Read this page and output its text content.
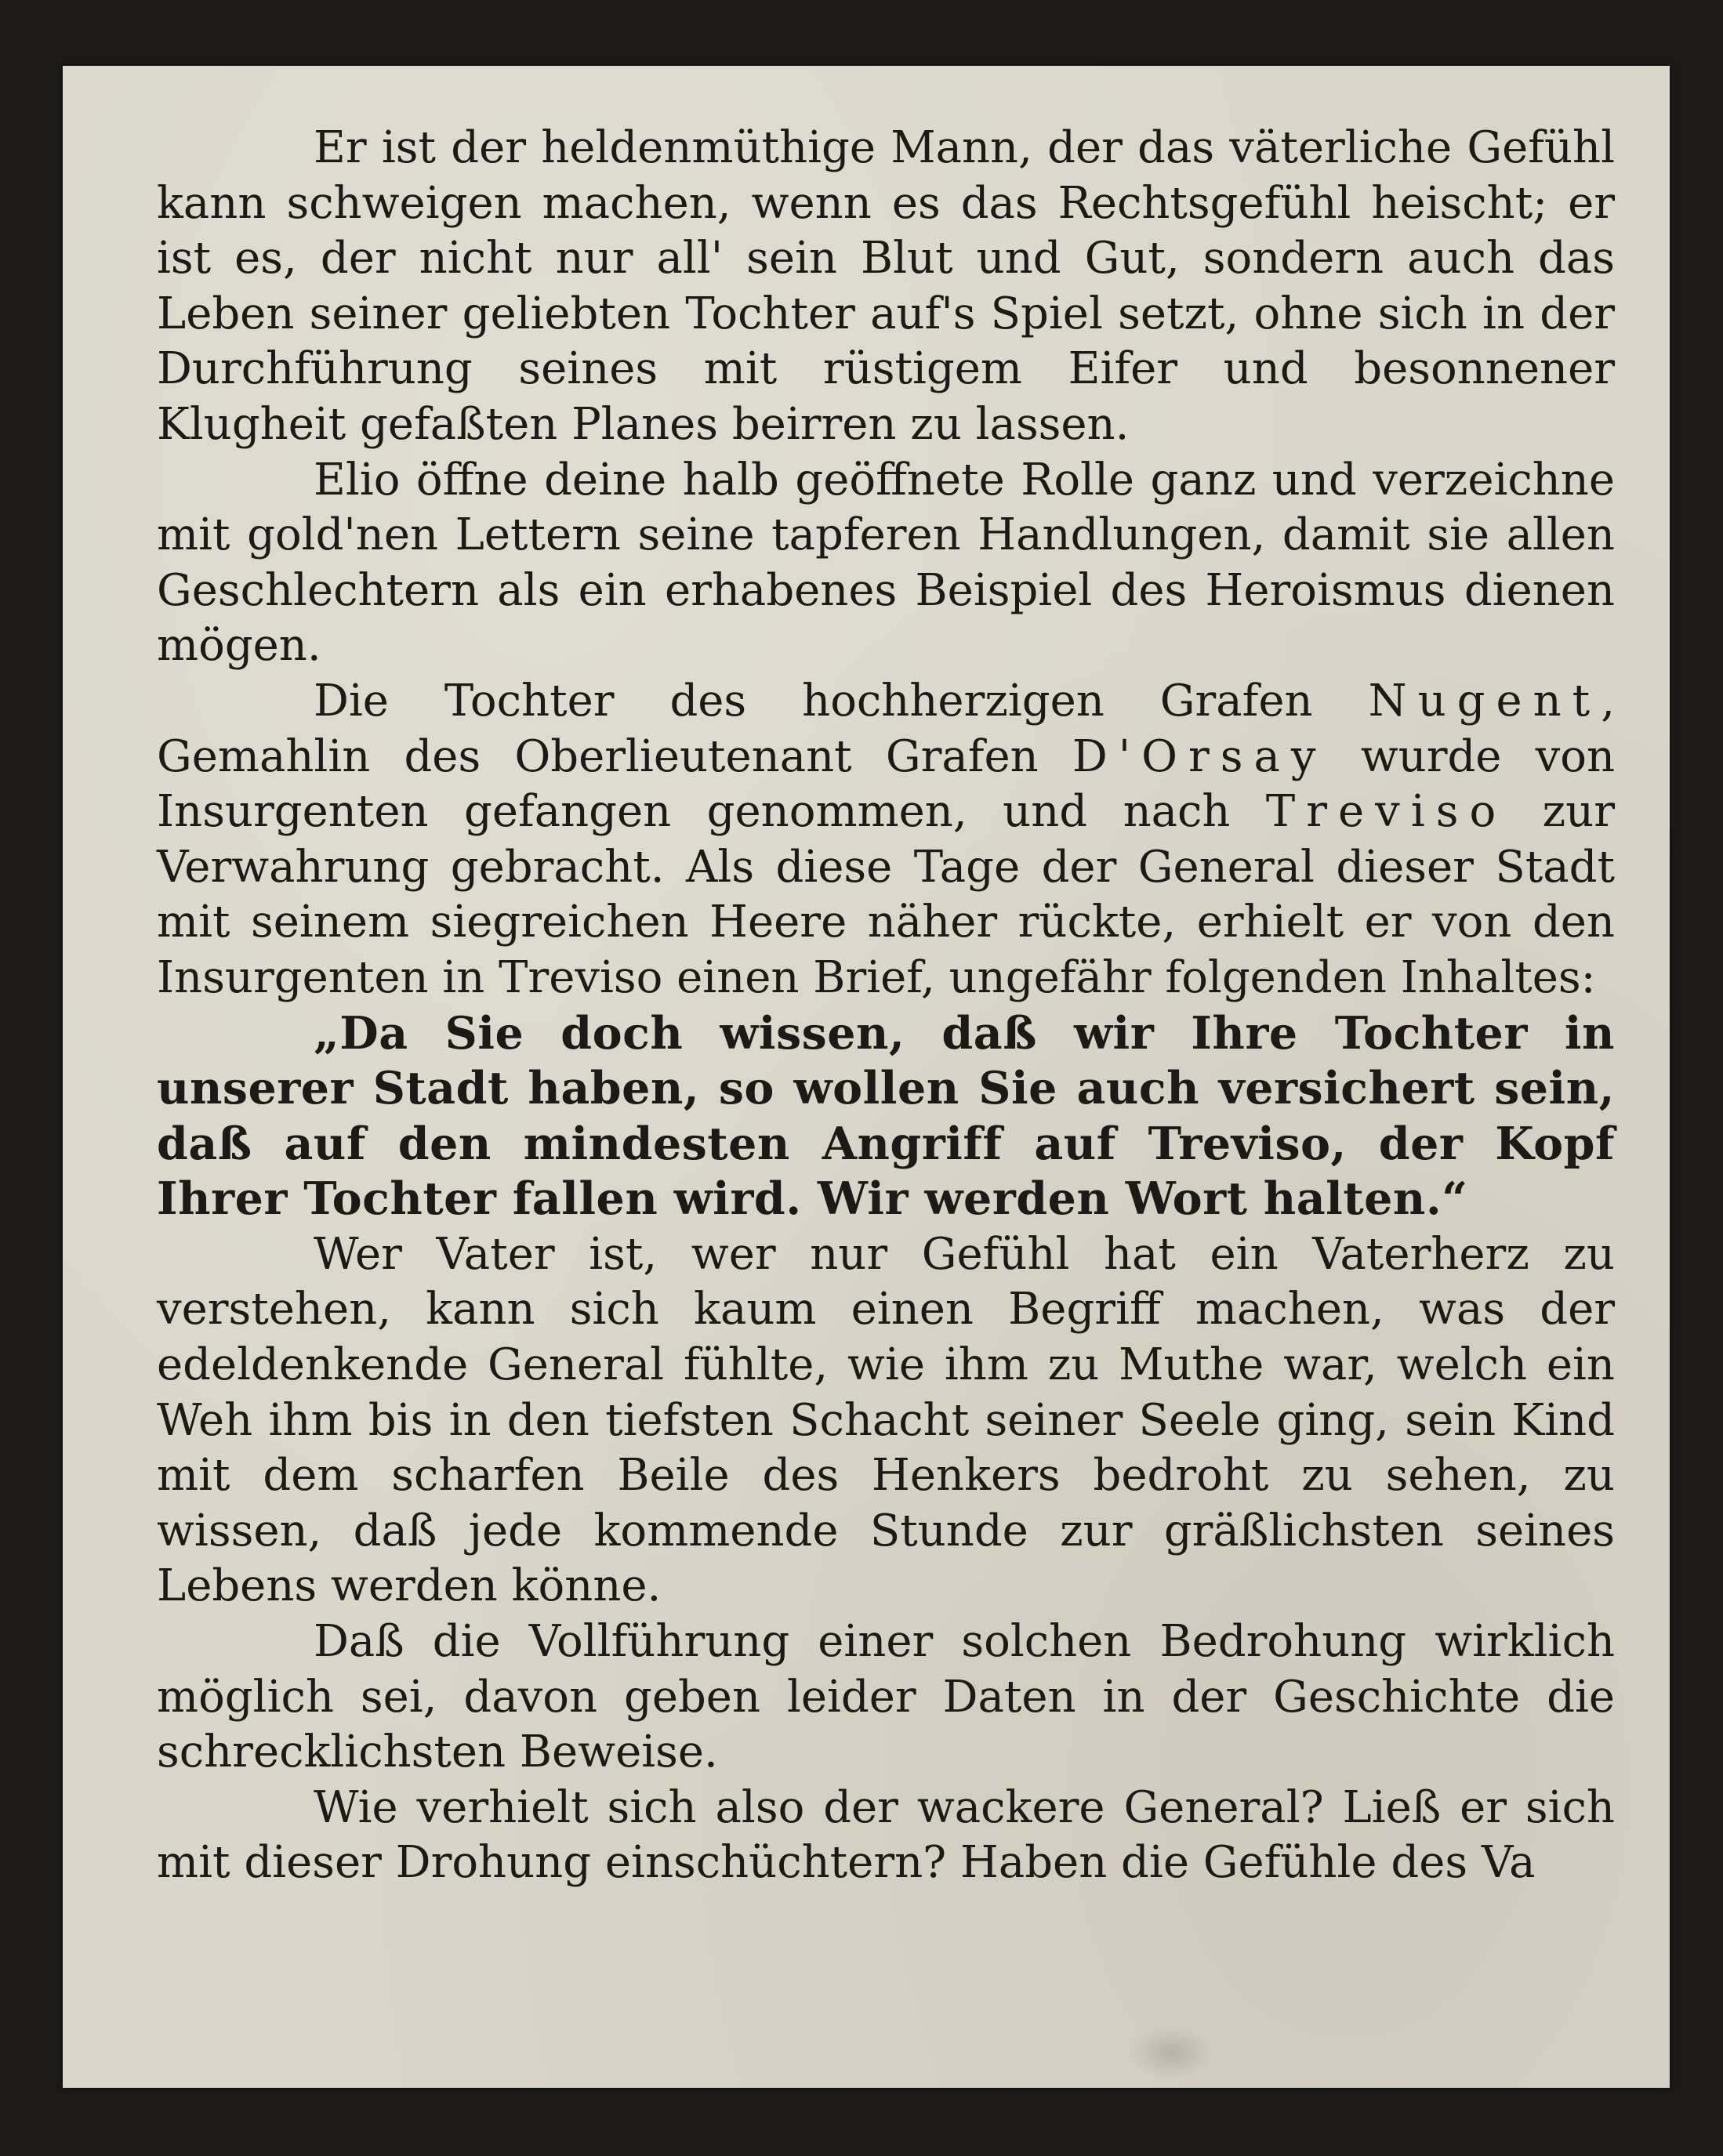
Er ist der heldenmüthige Mann, der das väterliche Gefühl kann schweigen machen, wenn es das Rechtsgefühl heischt; er ist es, der nicht nur all' sein Blut und Gut, sondern auch das Leben seiner geliebten Tochter auf's Spiel setzt, ohne sich in der Durchführung seines mit rüstigem Eifer und besonnener Klugheit gefaßten Planes beirren zu lassen.

Elio öffne deine halb geöffnete Rolle ganz und verzeichne mit gold'nen Lettern seine tapferen Handlungen, damit sie allen Geschlechtern als ein erhabenes Beispiel des Heroismus dienen mögen.

Die Tochter des hochherzigen Grafen Nugent, Gemahlin des Oberlieutenant Grafen D'Orsay wurde von Insurgenten gefangen genommen, und nach Treviso zur Verwahrung gebracht. Als diese Tage der General dieser Stadt mit seinem siegreichen Heere näher rückte, erhielt er von den Insurgenten in Treviso einen Brief, ungefähr folgenden Inhaltes:

„Da Sie doch wissen, daß wir Ihre Tochter in unserer Stadt haben, so wollen Sie auch versichert sein, daß auf den mindesten Angriff auf Treviso, der Kopf Ihrer Tochter fallen wird. Wir werden Wort halten.“

Wer Vater ist, wer nur Gefühl hat ein Vaterherz zu verstehen, kann sich kaum einen Begriff machen, was der edeldenkende General fühlte, wie ihm zu Muthe war, welch ein Weh ihm bis in den tiefsten Schacht seiner Seele ging, sein Kind mit dem scharfen Beile des Henkers bedroht zu sehen, zu wissen, daß jede kommende Stunde zur gräßlichsten seines Lebens werden könne.

Daß die Vollführung einer solchen Bedrohung wirklich möglich sei, davon geben leider Daten in der Geschichte die schrecklichsten Beweise.

Wie verhielt sich also der wackere General? Ließ er sich mit dieser Drohung einschüchtern? Haben die Gefühle des Va
